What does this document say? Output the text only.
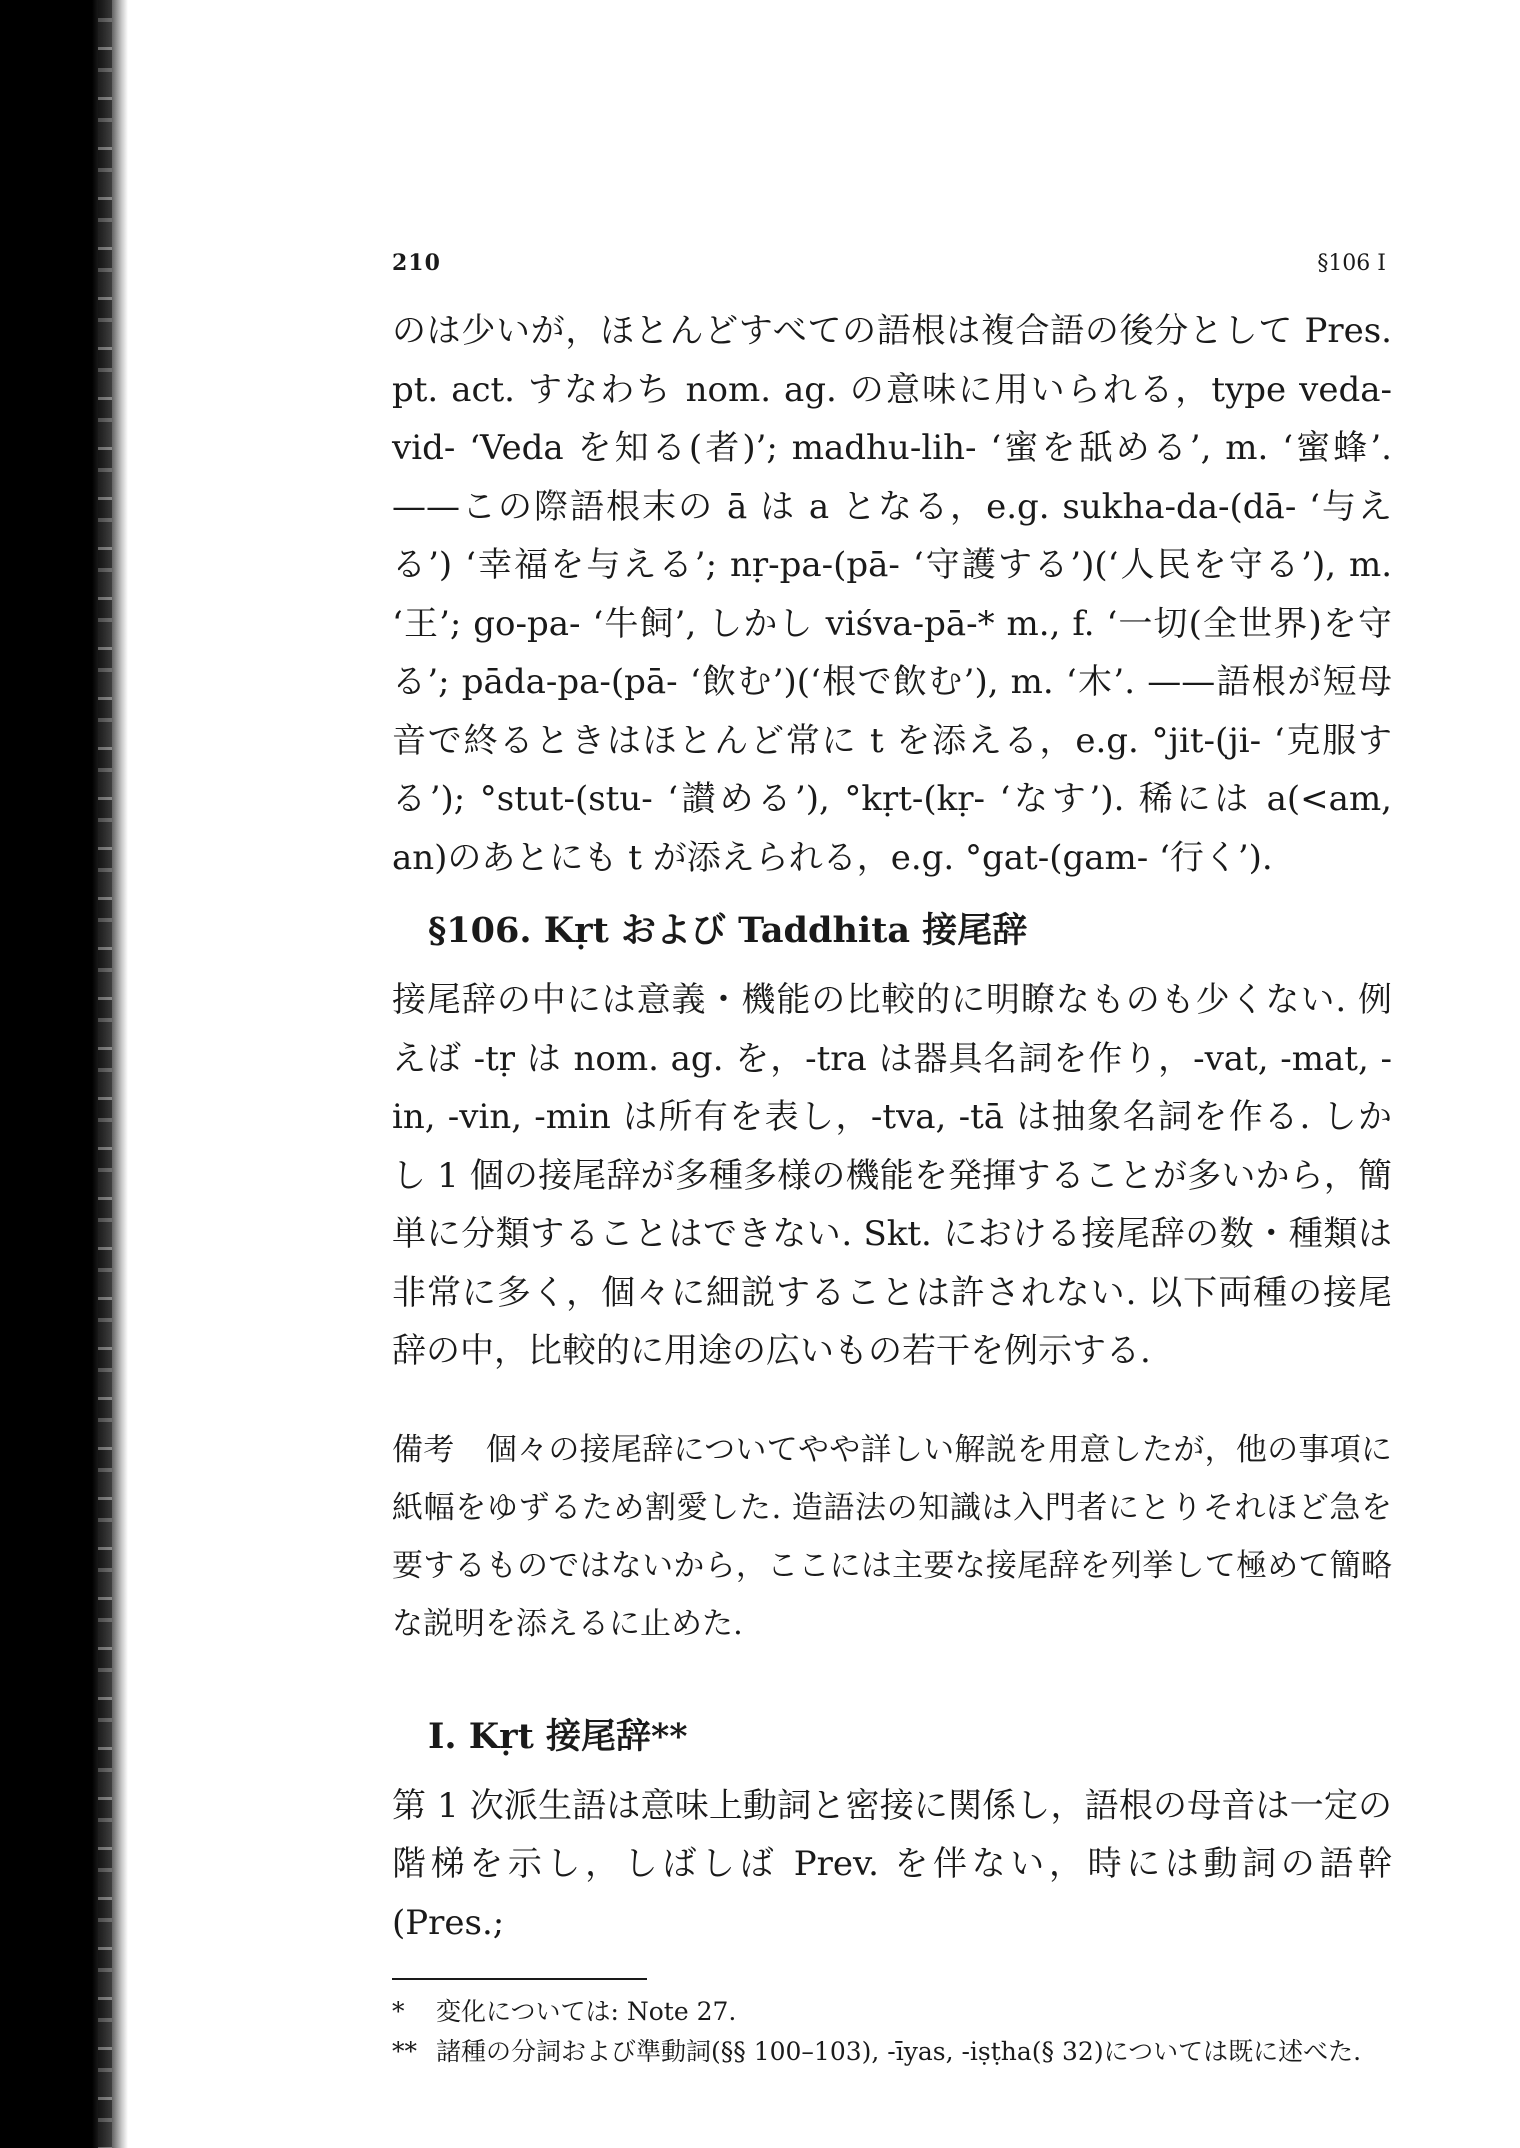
210	§106 I

のは少いが，ほとんどすべての語根は複合語の後分として Pres. pt. act. すなわち nom. ag. の意味に用いられる，type veda-vid- ‘Veda を知る(者)’; madhu-lih- ‘蜜を舐める’, m. ‘蜜蜂’. ——この際語根末の ā は a となる，e.g. sukha-da-(dā- ‘与える’) ‘幸福を与える’; nṛ-pa-(pā- ‘守護する’)(‘人民を守る’), m. ‘王’; go-pa- ‘牛飼’, しかし viśva-pā-* m., f. ‘一切(全世界)を守る’; pāda-pa-(pā- ‘飲む’)(‘根で飲む’), m. ‘木’. ——語根が短母音で終るときはほとんど常に t を添える，e.g. °jit-(ji- ‘克服する’); °stut-(stu- ‘讃める’), °kṛt-(kṛ- ‘なす’). 稀には a(<am, an)のあとにも t が添えられる，e.g. °gat-(gam- ‘行く’).

§106. Kṛt および Taddhita 接尾辞

接尾辞の中には意義・機能の比較的に明瞭なものも少くない. 例えば -tṛ は nom. ag. を，-tra は器具名詞を作り，-vat, -mat, -in, -vin, -min は所有を表し，-tva, -tā は抽象名詞を作る. しかし 1 個の接尾辞が多種多様の機能を発揮することが多いから，簡単に分類することはできない. Skt. における接尾辞の数・種類は非常に多く，個々に細説することは許されない. 以下両種の接尾辞の中，比較的に用途の広いもの若干を例示する.

備考　個々の接尾辞についてやや詳しい解説を用意したが，他の事項に紙幅をゆずるため割愛した. 造語法の知識は入門者にとりそれほど急を要するものではないから，ここには主要な接尾辞を列挙して極めて簡略な説明を添えるに止めた.

I. Kṛt 接尾辞**

第 1 次派生語は意味上動詞と密接に関係し，語根の母音は一定の階梯を示し，しばしば Prev. を伴ない，時には動詞の語幹(Pres.;

* 変化については: Note 27.

** 諸種の分詞および準動詞(§§ 100–103), -īyas, -iṣṭha(§ 32)については既に述べた.
